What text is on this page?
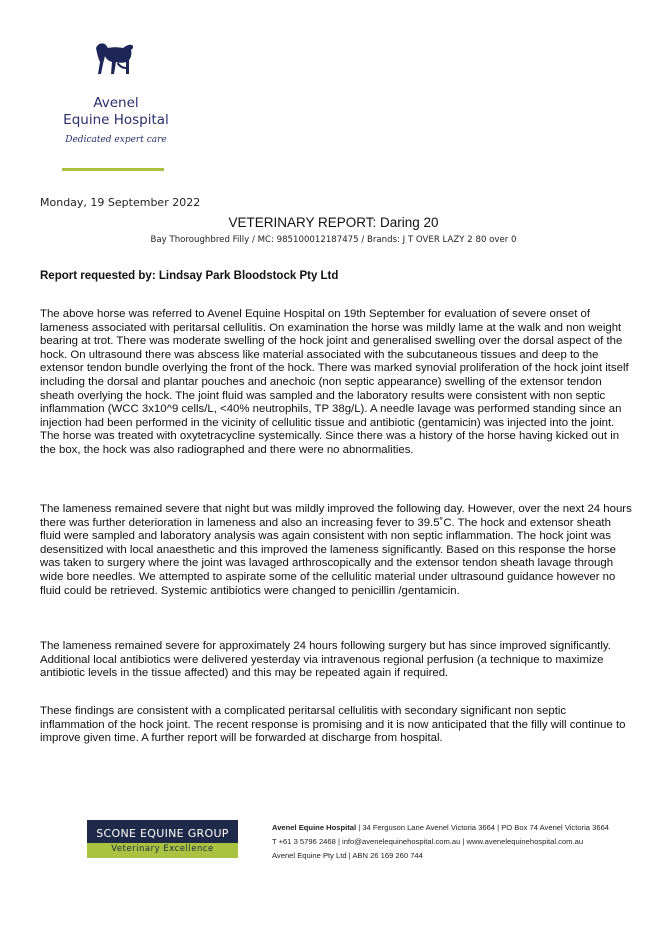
Avenel
Equine Hospital
Dedicated expert care
Monday, 19 September 2022
VETERINARY REPORT: Daring 20
Bay Thoroughbred Filly / MC: 985100012187475 / Brands: J T OVER LAZY 2 80 over 0
Report requested by: Lindsay Park Bloodstock Pty Ltd
The above horse was referred to Avenel Equine Hospital on 19th September for evaluation of severe onset of lameness associated with peritarsal cellulitis. On examination the horse was mildly lame at the walk and non weight bearing at trot. There was moderate swelling of the hock joint and generalised swelling over the dorsal aspect of the hock. On ultrasound there was abscess like material associated with the subcutaneous tissues and deep to the extensor tendon bundle overlying the front of the hock. There was marked synovial proliferation of the hock joint itself including the dorsal and plantar pouches and anechoic (non septic appearance) swelling of the extensor tendon sheath overlying the hock. The joint fluid was sampled and the laboratory results were consistent with non septic inflammation (WCC 3x10^9 cells/L, <40% neutrophils, TP 38g/L). A needle lavage was performed standing since an injection had been performed in the vicinity of cellulitic tissue and antibiotic (gentamicin) was injected into the joint. The horse was treated with oxytetracycline systemically. Since there was a history of the horse having kicked out in the box, the hock was also radiographed and there were no abnormalities.
The lameness remained severe that night but was mildly improved the following day. However, over the next 24 hours there was further deterioration in lameness and also an increasing fever to 39.5˚C. The hock and extensor sheath fluid were sampled and laboratory analysis was again consistent with non septic inflammation. The hock joint was desensitized with local anaesthetic and this improved the lameness significantly. Based on this response the horse was taken to surgery where the joint was lavaged arthroscopically and the extensor tendon sheath lavage through wide bore needles. We attempted to aspirate some of the cellulitic material under ultrasound guidance however no fluid could be retrieved. Systemic antibiotics were changed to penicillin /gentamicin.
The lameness remained severe for approximately 24 hours following surgery but has since improved significantly. Additional local antibiotics were delivered yesterday via intravenous regional perfusion (a technique to maximize antibiotic levels in the tissue affected) and this may be repeated again if required.
These findings are consistent with a complicated peritarsal cellulitis with secondary significant non septic inflammation of the hock joint. The recent response is promising and it is now anticipated that the filly will continue to improve given time. A further report will be forwarded at discharge from hospital.
SCONE EQUINE GROUP
Veterinary Excellence
Avenel Equine Hospital | 34 Ferguson Lane Avenel Victoria 3664 | PO Box 74 Avenel Victoria 3664
T +61 3 5796 2468 | info@avenelequinehospital.com.au | www.avenelequinehospital.com.au
Avenel Equine Pty Ltd | ABN 26 169 260 744
